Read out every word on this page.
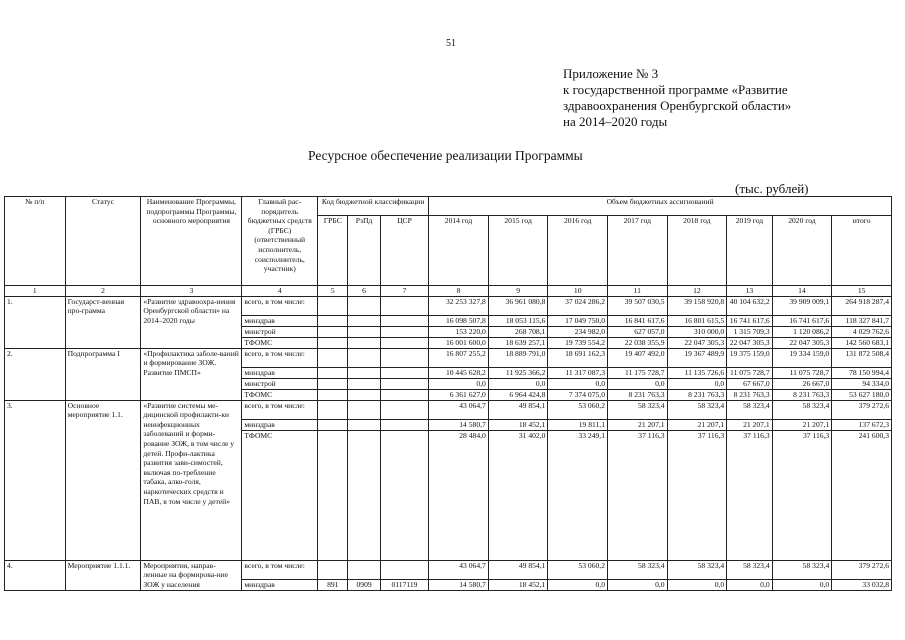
51
Приложение № 3
к государственной программе «Развитие
здравоохранения Оренбургской области»
на 2014–2020 годы
Ресурсное обеспечение реализации Программы
(тыс. рублей)
№ п/п	Статус	Наименование Программы, подпрограммы Программы, основного мероприятия	Главный рас-порядитель бюджетных средств (ГРБС) (ответственный исполнитель, соисполнитель, участник)	Код бюджетной классификации			Объем бюджетных ассигнований							
				ГРБС	РзПд	ЦСР	2014 год	2015 год	2016 год	2017 год	2018 год	2019 год	2020 год	итого
1	2	3	4	5	6	7	8	9	10	11	12	13	14	15
1.	Государст-венная про-грамма	«Развитие здравоохра-нения Оренбургской области» на 2014–2020 годы	всего, в том числе:				32 253 327,8	36 961 080,8	37 024 286,2	39 507 030,5	39 158 920,8	40 104 632,2	39 909 009,1	264 918 287,4
			минздрав				16 098 507,8	18 053 115,6	17 049 750,0	16 841 617,6	16 801 615,5	16 741 617,6	16 741 617,6	118 327 841,7
			минстрой				153 220,0	268 708,1	234 982,0	627 057,0	310 000,0	1 315 709,3	1 120 086,2	4 029 762,6
			ТФОМС				16 001 600,0	18 639 257,1	19 739 554,2	22 038 355,9	22 047 305,3	22 047 305,3	22 047 305,3	142 560 683,1
2.	Подпрограмма I	«Профилактика заболе-ваний и формирование ЗОЖ. Развитие ПМСП»	всего, в том числе:				16 807 255,2	18 889 791,0	18 691 162,3	19 407 492,0	19 367 489,9	19 375 159,0	19 334 159,0	131 872 508,4
			минздрав				10 445 628,2	11 925 366,2	11 317 087,3	11 175 728,7	11 135 726,6	11 075 728,7	11 075 728,7	78 150 994,4
			минстрой				0,0	0,0	0,0	0,0	0,0	67 667,0	26 667,0	94 334,0
			ТФОМС				6 361 627,0	6 964 424,8	7 374 075,0	8 231 763,3	8 231 763,3	8 231 763,3	8 231 763,3	53 627 180,0
3.	Основное мероприятие 1.1.	«Развитие системы ме-дицинской профилакти-ки неинфекционных заболеваний и форми-рование ЗОЖ, в том числе у детей. Профи-лактика развития зави-симостей, включая по-требление табака, алко-голя, наркотических средств и ПАВ, в том числе у детей»	всего, в том числе:				43 064,7	49 854,1	53 060,2	58 323,4	58 323,4	58 323,4	58 323,4	379 272,6
			минздрав				14 580,7	18 452,1	19 811,1	21 207,1	21 207,1	21 207,1	21 207,1	137 672,3
			ТФОМС				28 484,0	31 402,0	33 249,1	37 116,3	37 116,3	37 116,3	37 116,3	241 600,3
4.	Мероприятие 1.1.1.	Мероприятия, направ-ленные на формирова-ние ЗОЖ у населения	всего, в том числе:				43 064,7	49 854,1	53 060,2	58 323,4	58 323,4	58 323,4	58 323,4	379 272,6
			минздрав	891	0909	0117119	14 580,7	18 452,1	0,0	0,0	0,0	0,0	0,0	33 032,8
